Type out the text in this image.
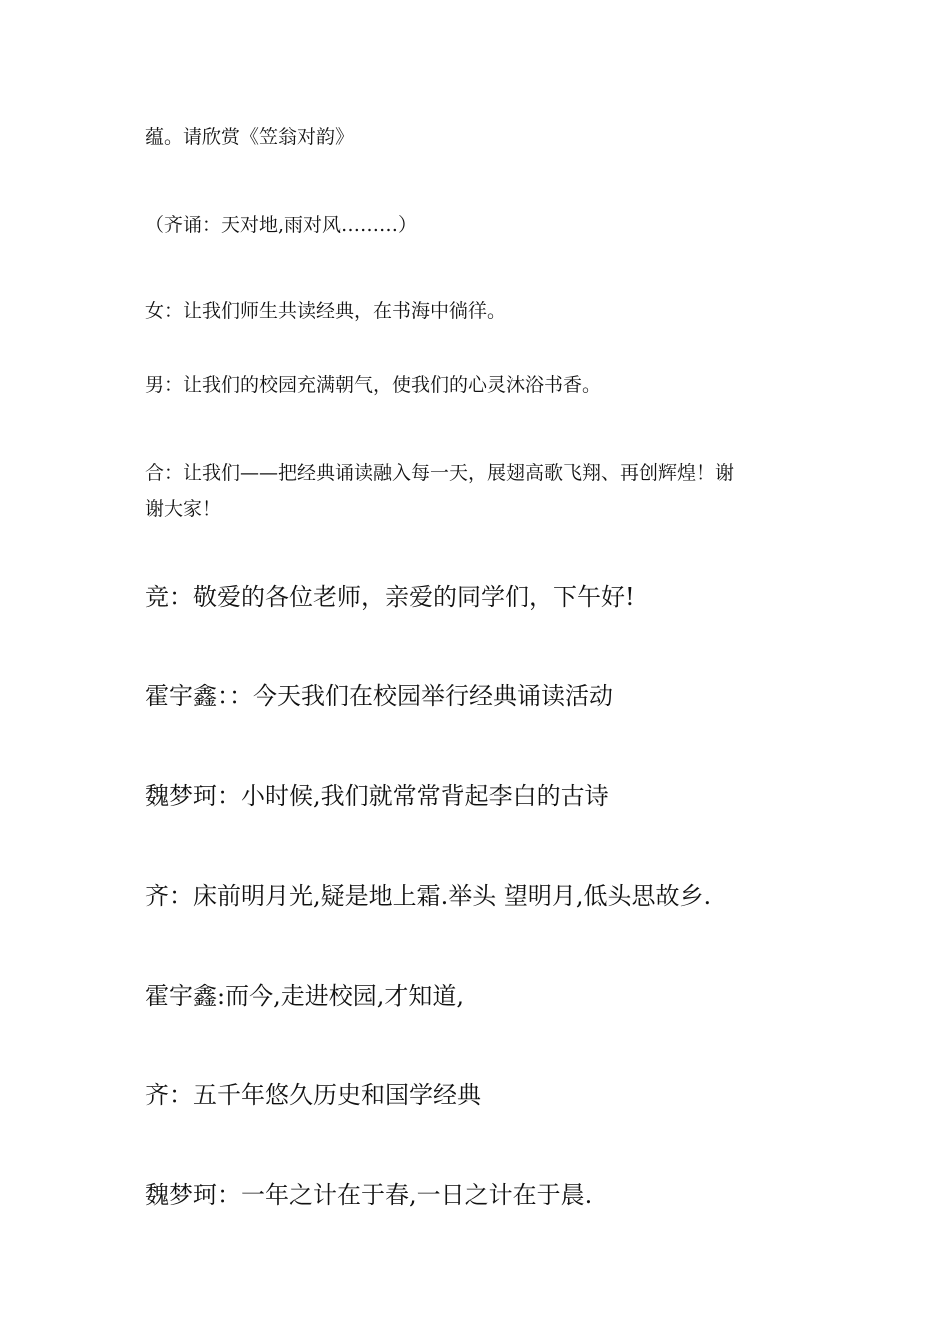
蕴。请欣赏《笠翁对韵》

（齐诵：天对地,雨对风………）

女：让我们师生共读经典，在书海中徜徉。

男：让我们的校园充满朝气，使我们的心灵沐浴书香。

合：让我们——把经典诵读融入每一天，展翅高歌飞翔、再创辉煌！谢

谢大家！

竞：敬爱的各位老师，亲爱的同学们，下午好!

霍宇鑫：：今天我们在校园举行经典诵读活动

魏梦珂：小时候,我们就常常背起李白的古诗

齐：床前明月光,疑是地上霜.举头 望明月,低头思故乡.

霍宇鑫:而今,走进校园,才知道,

齐：五千年悠久历史和国学经典

魏梦珂：一年之计在于春,一日之计在于晨.
